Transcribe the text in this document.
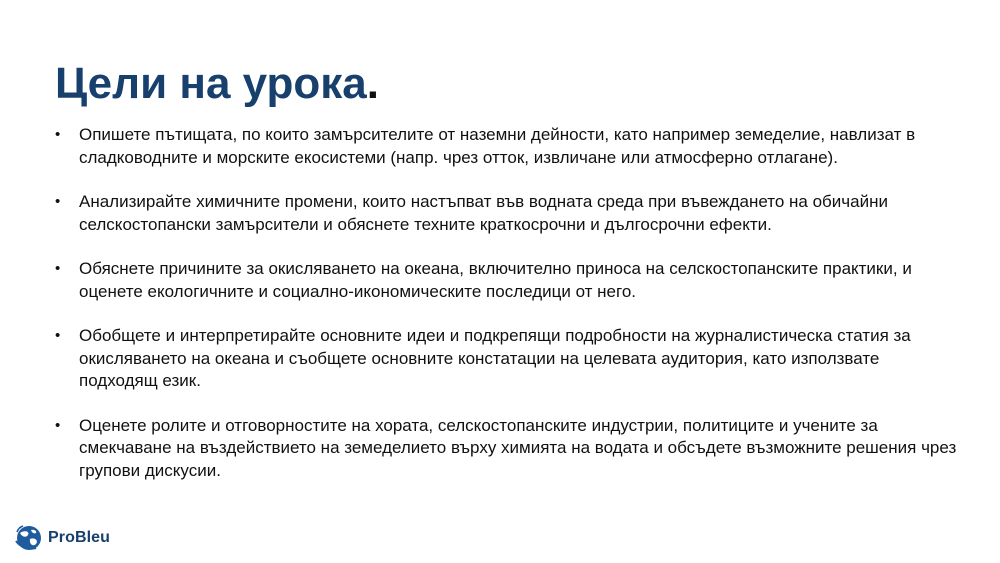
Цели на урока.
• Опишете пътищата, по които замърсителите от наземни дейности, като например земеделие, навлизат в сладководните и морските екосистеми (напр. чрез отток, извличане или атмосферно отлагане).
• Анализирайте химичните промени, които настъпват във водната среда при въвеждането на обичайни селскостопански замърсители и обяснете техните краткосрочни и дългосрочни ефекти.
• Обяснете причините за окисляването на океана, включително приноса на селскостопанските практики, и оценете екологичните и социално-икономическите последици от него.
• Обобщете и интерпретирайте основните идеи и подкрепящи подробности на журналистическа статия за окисляването на океана и съобщете основните констатации на целевата аудитория, като използвате подходящ език.
• Оценете ролите и отговорностите на хората, селскостопанските индустрии, политиците и учените за смекчаване на въздействието на земеделието върху химията на водата и обсъдете възможните решения чрез групови дискусии.
ProBleu
